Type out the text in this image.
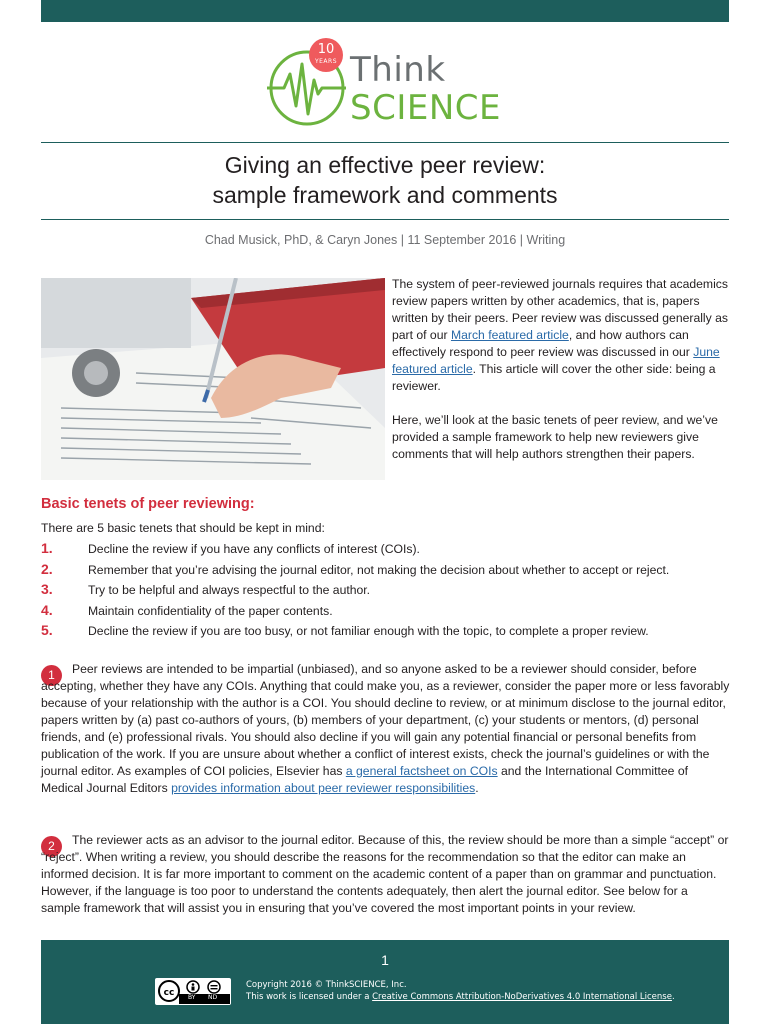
10
YEARS Think
SCIENCE
Giving an effective peer review:
sample framework and comments
Chad Musick, PhD, & Caryn Jones | 11 September 2016 | Writing

The system of peer-reviewed journals requires that academics review papers written by other academics, that is, papers written by their peers. Peer review was discussed generally as part of our March featured article, and how authors can effectively respond to peer review was discussed in our June featured article. This article will cover the other side: being a reviewer.

Here, we’ll look at the basic tenets of peer review, and we’ve provided a sample framework to help new reviewers give comments that will help authors strengthen their papers.

Basic tenets of peer reviewing:
There are 5 basic tenets that should be kept in mind:
1.	Decline the review if you have any conflicts of interest (COIs).
2.	Remember that you’re advising the journal editor, not making the decision about whether to accept or reject.
3.	Try to be helpful and always respectful to the author.
4.	Maintain confidentiality of the paper contents.
5.	Decline the review if you are too busy, or not familiar enough with the topic, to complete a proper review.
1	Peer reviews are intended to be impartial (unbiased), and so anyone asked to be a reviewer should consider, before accepting, whether they have any COIs. Anything that could make you, as a reviewer, consider the paper more or less favorably because of your relationship with the author is a COI. You should decline to review, or at minimum disclose to the journal editor, papers written by (a) past co-authors of yours, (b) members of your department, (c) your students or mentors, (d) personal friends, and (e) professional rivals. You should also decline if you will gain any potential financial or personal benefits from publication of the work. If you are unsure about whether a conflict of interest exists, check the journal’s guidelines or with the journal editor. As examples of COI policies, Elsevier has a general factsheet on COIs and the International Committee of Medical Journal Editors provides information about peer reviewer responsibilities.

2	The reviewer acts as an advisor to the journal editor. Because of this, the review should be more than a simple “accept” or “reject”. When writing a review, you should describe the reasons for the recommendation so that the editor can make an informed decision. It is far more important to comment on the academic content of a paper than on grammar and punctuation. However, if the language is too poor to understand the contents adequately, then alert the journal editor. See below for a sample framework that will assist you in ensuring that you’ve covered the most important points in your review.

1
cc BY ND
Copyright 2016 © ThinkSCIENCE, Inc.
This work is licensed under a Creative Commons Attribution-NoDerivatives 4.0 International License.
